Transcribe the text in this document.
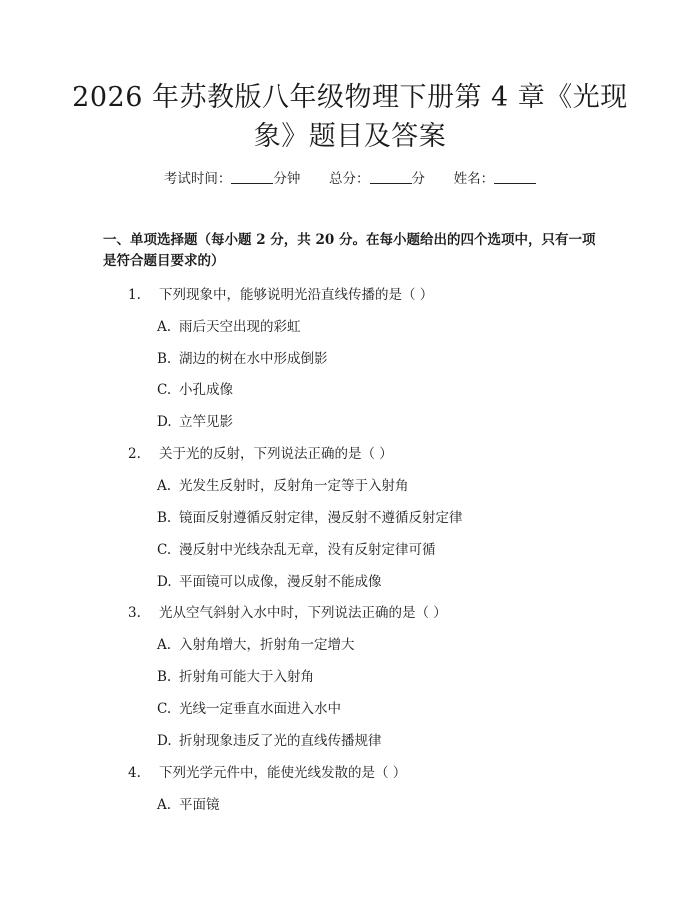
2026 年苏教版八年级物理下册第 4 章《光现
象》题目及答案
考试时间：	分钟 总分：	分 姓名：
一、单项选择题（每小题 2 分，共 20 分。在每小题给出的四个选项中，只有一项是符合题目要求的）
1. 下列现象中，能够说明光沿直线传播的是（ ）
A. 雨后天空出现的彩虹
B. 湖边的树在水中形成倒影
C. 小孔成像
D. 立竿见影
2. 关于光的反射，下列说法正确的是（ ）
A. 光发生反射时，反射角一定等于入射角
B. 镜面反射遵循反射定律，漫反射不遵循反射定律
C. 漫反射中光线杂乱无章，没有反射定律可循
D. 平面镜可以成像，漫反射不能成像
3. 光从空气斜射入水中时，下列说法正确的是（ ）
A. 入射角增大，折射角一定增大
B. 折射角可能大于入射角
C. 光线一定垂直水面进入水中
D. 折射现象违反了光的直线传播规律
4. 下列光学元件中，能使光线发散的是（ ）
A. 平面镜
